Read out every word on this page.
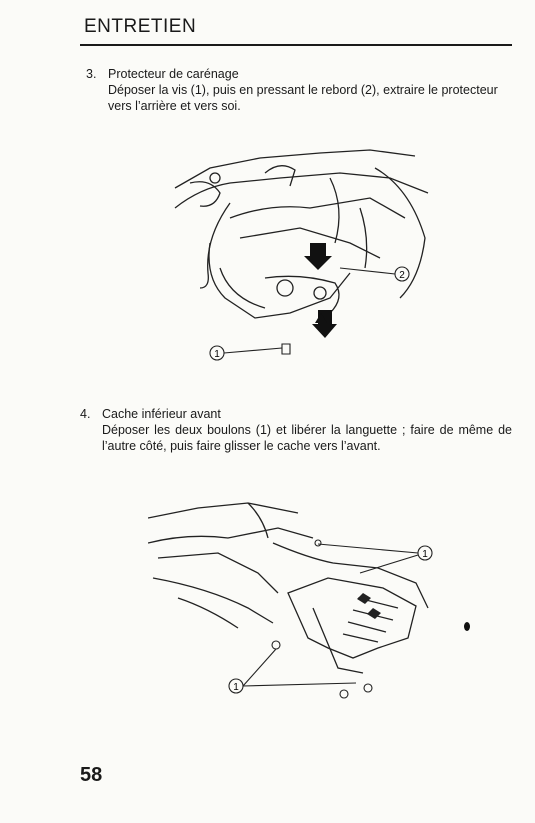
ENTRETIEN
3. Protecteur de carénage
Déposer la vis (1), puis en pressant le rebord (2), extraire le protecteur vers l’arrière et vers soi.
1
2
4. Cache inférieur avant
Déposer les deux boulons (1) et libérer la languette ; faire de même de l’autre côté, puis faire glisser le cache vers l’avant.
1
1
58
